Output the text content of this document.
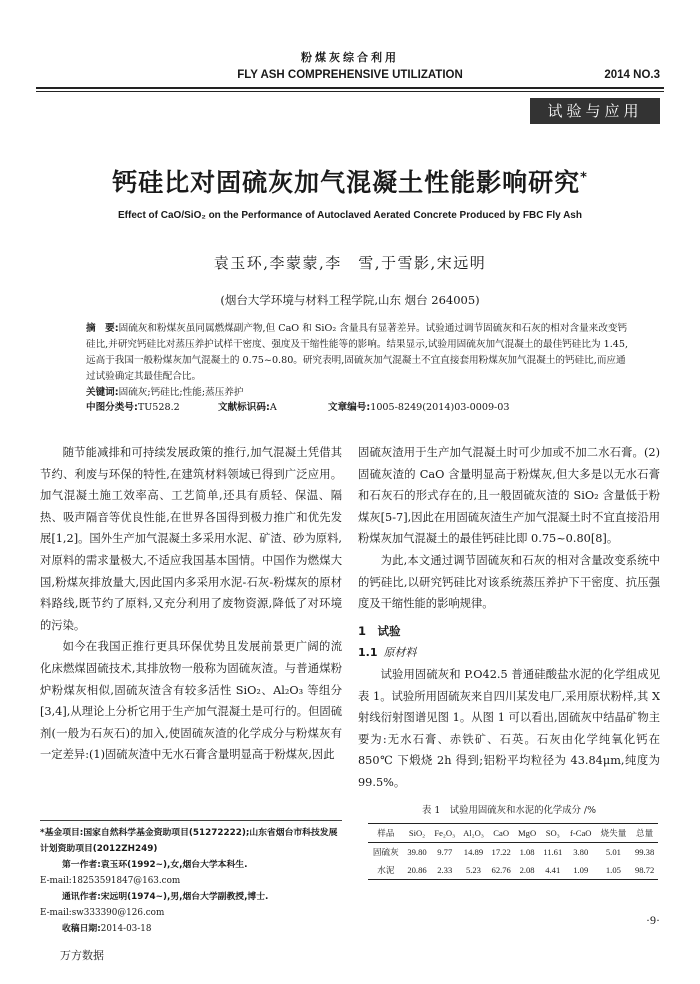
粉煤灰综合利用
FLY ASH COMPREHENSIVE UTILIZATION	2014 NO.3
试验与应用
钙硅比对固硫灰加气混凝土性能影响研究*
Effect of CaO/SiO₂ on the Performance of Autoclaved Aerated Concrete Produced by FBC Fly Ash
袁玉环,李蒙蒙,李　雪,于雪影,宋远明
(烟台大学环境与材料工程学院,山东 烟台 264005)
摘　要:固硫灰和粉煤灰虽同属燃煤副产物,但 CaO 和 SiO₂ 含量具有显著差异。试验通过调节固硫灰和石灰的相对含量来改变钙硅比,并研究钙硅比对蒸压养护试样干密度、强度及干缩性能等的影响。结果显示,试验用固硫灰加气混凝土的最佳钙硅比为 1.45,远高于我国一般粉煤灰加气混凝土的 0.75~0.80。研究表明,固硫灰加气混凝土不宜直接套用粉煤灰加气混凝土的钙硅比,而应通过试验确定其最佳配合比。
关键词:固硫灰;钙硅比;性能;蒸压养护
中图分类号:TU528.2	文献标识码:A	文章编号:1005-8249(2014)03-0009-03

随节能减排和可持续发展政策的推行,加气混凝土凭借其节约、利废与环保的特性,在建筑材料领域已得到广泛应用。加气混凝土施工效率高、工艺简单,还具有质轻、保温、隔热、吸声隔音等优良性能,在世界各国得到极力推广和优先发展[1,2]。国外生产加气混凝土多采用水泥、矿渣、砂为原料,对原料的需求量极大,不适应我国基本国情。中国作为燃煤大国,粉煤灰排放量大,因此国内多采用水泥-石灰-粉煤灰的原材料路线,既节约了原料,又充分利用了废物资源,降低了对环境的污染。

如今在我国正推行更具环保优势且发展前景更广阔的流化床燃煤固硫技术,其排放物一般称为固硫灰渣。与普通煤粉炉粉煤灰相似,固硫灰渣含有较多活性 SiO₂、Al₂O₃ 等组分[3,4],从理论上分析它用于生产加气混凝土是可行的。但固硫剂(一般为石灰石)的加入,使固硫灰渣的化学成分与粉煤灰有一定差异:(1)固硫灰渣中无水石膏含量明显高于粉煤灰,因此

*基金项目:国家自然科学基金资助项目(51272222);山东省烟台市科技发展计划资助项目(2012ZH249)
第一作者:袁玉环(1992~),女,烟台大学本科生.
E-mail:18253591847@163.com
通讯作者:宋远明(1974~),男,烟台大学副教授,博士.
E-mail:sw333390@126.com
收稿日期:2014-03-18

固硫灰渣用于生产加气混凝土时可少加或不加二水石膏。(2)固硫灰渣的 CaO 含量明显高于粉煤灰,但大多是以无水石膏和石灰石的形式存在的,且一般固硫灰渣的 SiO₂ 含量低于粉煤灰[5-7],因此在用固硫灰渣生产加气混凝土时不宜直接沿用粉煤灰加气混凝土的最佳钙硅比即 0.75~0.80[8]。

为此,本文通过调节固硫灰和石灰的相对含量改变系统中的钙硅比,以研究钙硅比对该系统蒸压养护下干密度、抗压强度及干缩性能的影响规律。

1　试验

1.1 原材料

试验用固硫灰和 P.O42.5 普通硅酸盐水泥的化学组成见表 1。试验所用固硫灰来自四川某发电厂,采用原状粉样,其 X 射线衍射图谱见图 1。从图 1 可以看出,固硫灰中结晶矿物主要为:无水石膏、赤铁矿、石英。石灰由化学纯氧化钙在 850℃ 下煅烧 2h 得到;铝粉平均粒径为 43.84μm,纯度为 99.5%。

表 1　试验用固硫灰和水泥的化学成分 /%
样品	SiO₂	Fe₂O₃	Al₂O₃	CaO	MgO	SO₃	f-CaO	烧失量	总量
固硫灰	39.80	9.77	14.89	17.22	1.08	11.61	3.80	5.01	99.38
水泥	20.86	2.33	5.23	62.76	2.08	4.41	1.09	1.05	98.72
·9·
万方数据
